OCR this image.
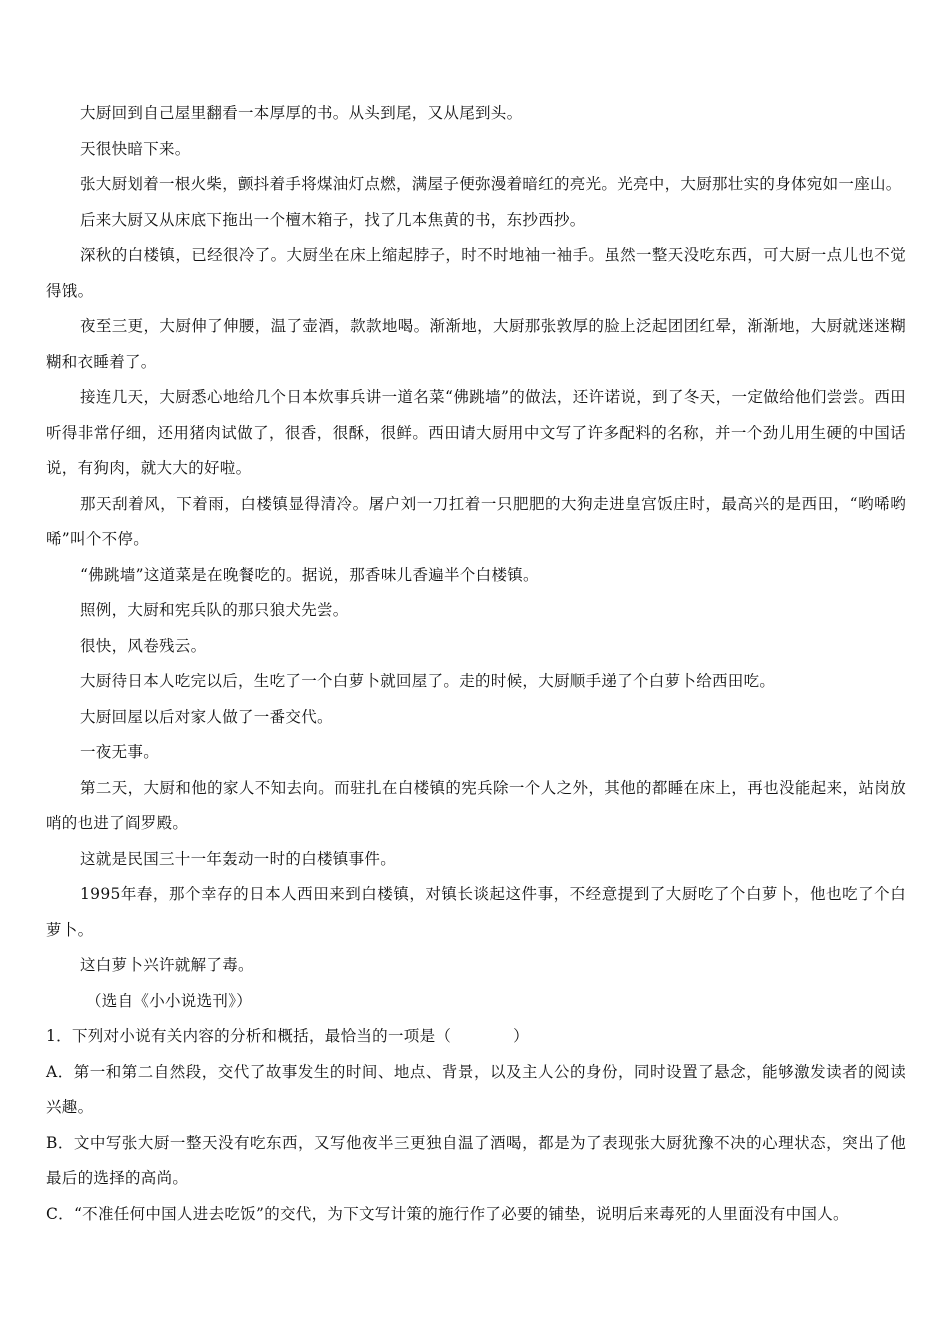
大厨回到自己屋里翻看一本厚厚的书。从头到尾，又从尾到头。

天很快暗下来。

张大厨划着一根火柴，颤抖着手将煤油灯点燃，满屋子便弥漫着暗红的亮光。光亮中，大厨那壮实的身体宛如一座山。

后来大厨又从床底下拖出一个檀木箱子，找了几本焦黄的书，东抄西抄。

深秋的白楼镇，已经很冷了。大厨坐在床上缩起脖子，时不时地袖一袖手。虽然一整天没吃东西，可大厨一点儿也不觉得饿。

夜至三更，大厨伸了伸腰，温了壶酒，款款地喝。渐渐地，大厨那张敦厚的脸上泛起团团红晕，渐渐地，大厨就迷迷糊糊和衣睡着了。

接连几天，大厨悉心地给几个日本炊事兵讲一道名菜“佛跳墙”的做法，还许诺说，到了冬天，一定做给他们尝尝。西田听得非常仔细，还用猪肉试做了，很香，很酥，很鲜。西田请大厨用中文写了许多配料的名称，并一个劲儿用生硬的中国话说，有狗肉，就大大的好啦。

那天刮着风，下着雨，白楼镇显得清冷。屠户刘一刀扛着一只肥肥的大狗走进皇宫饭庄时，最高兴的是西田，“哟唏哟唏”叫个不停。

“佛跳墙”这道菜是在晚餐吃的。据说，那香味儿香遍半个白楼镇。

照例，大厨和宪兵队的那只狼犬先尝。

很快，风卷残云。

大厨待日本人吃完以后，生吃了一个白萝卜就回屋了。走的时候，大厨顺手递了个白萝卜给西田吃。

大厨回屋以后对家人做了一番交代。

一夜无事。

第二天，大厨和他的家人不知去向。而驻扎在白楼镇的宪兵除一个人之外，其他的都睡在床上，再也没能起来，站岗放哨的也进了阎罗殿。

这就是民国三十一年轰动一时的白楼镇事件。

1995年春，那个幸存的日本人西田来到白楼镇，对镇长谈起这件事，不经意提到了大厨吃了个白萝卜，他也吃了个白萝卜。

这白萝卜兴许就解了毒。

（选自《小小说选刊》）

1．下列对小说有关内容的分析和概括，最恰当的一项是（	）

A．第一和第二自然段，交代了故事发生的时间、地点、背景，以及主人公的身份，同时设置了悬念，能够激发读者的阅读兴趣。

B．文中写张大厨一整天没有吃东西，又写他夜半三更独自温了酒喝，都是为了表现张大厨犹豫不决的心理状态，突出了他最后的选择的高尚。

C．“不准任何中国人进去吃饭”的交代，为下文写计策的施行作了必要的铺垫，说明后来毒死的人里面没有中国人。
